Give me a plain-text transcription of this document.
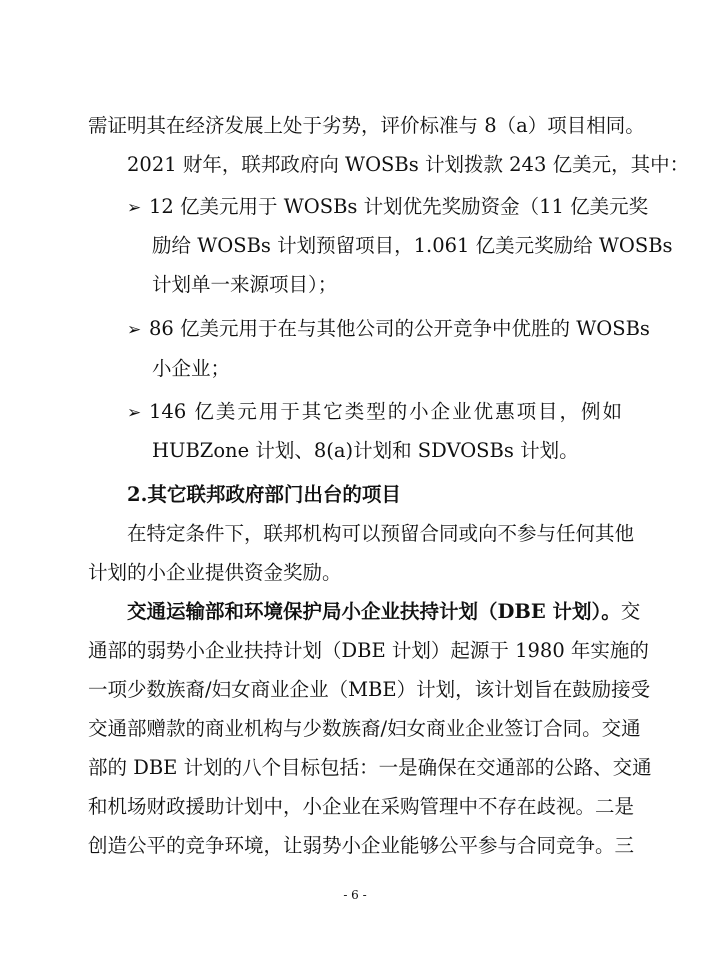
需证明其在经济发展上处于劣势，评价标准与 8（a）项目相同。
2021 财年，联邦政府向 WOSBs 计划拨款 243 亿美元，其中：
➢ 12 亿美元用于 WOSBs 计划优先奖励资金（11 亿美元奖
励给 WOSBs 计划预留项目，1.061 亿美元奖励给 WOSBs
计划单一来源项目）；
➢ 86 亿美元用于在与其他公司的公开竞争中优胜的 WOSBs
小企业；
➢ 146 亿美元用于其它类型的小企业优惠项目，例如
HUBZone 计划、8(a)计划和 SDVOSBs 计划。
2.其它联邦政府部门出台的项目
在特定条件下，联邦机构可以预留合同或向不参与任何其他
计划的小企业提供资金奖励。
交通运输部和环境保护局小企业扶持计划（DBE 计划）。交
通部的弱势小企业扶持计划（DBE 计划）起源于 1980 年实施的
一项少数族裔/妇女商业企业（MBE）计划，该计划旨在鼓励接受
交通部赠款的商业机构与少数族裔/妇女商业企业签订合同。交通
部的 DBE 计划的八个目标包括：一是确保在交通部的公路、交通
和机场财政援助计划中，小企业在采购管理中不存在歧视。二是
创造公平的竞争环境，让弱势小企业能够公平参与合同竞争。三
- 6 -
